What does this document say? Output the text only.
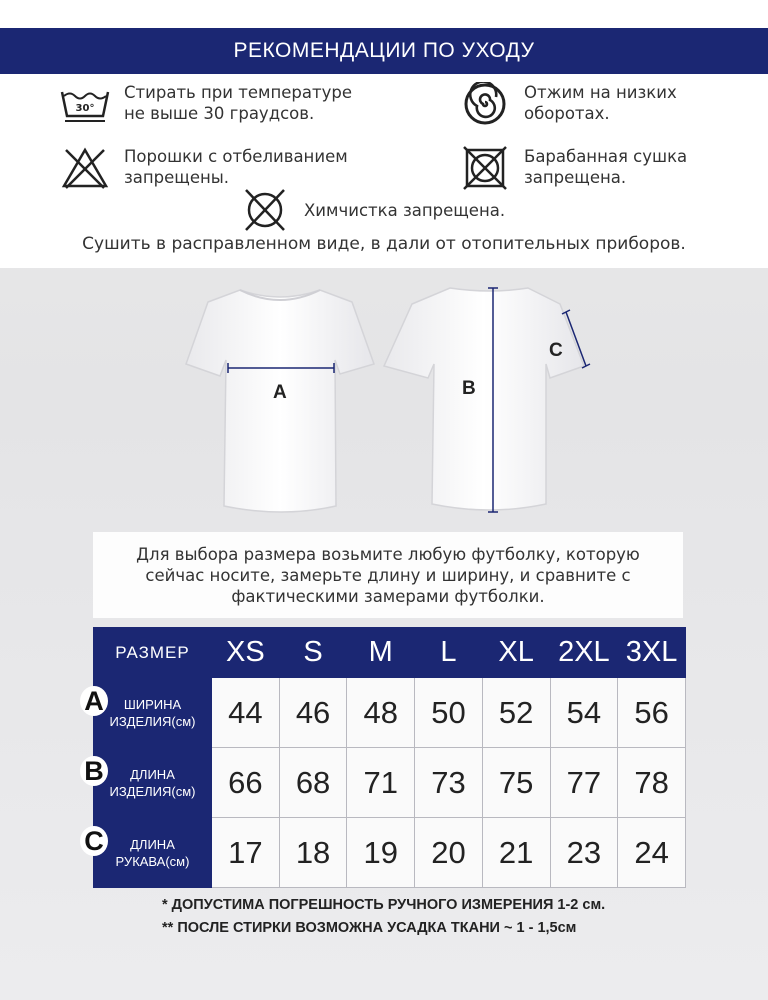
РЕКОМЕНДАЦИИ ПО УХОДУ
30°
Стирать при температуре
не выше 30 граудсов.
Отжим на низких
оборотах.
Порошки с отбеливанием
запрещены.
Барабанная сушка
запрещена.
Химчистка запрещена.
Сушить в расправленном виде, в дали от отопительных приборов.
A	B
C
Для выбора размера возьмите любую футболку, которую
сейчас носите, замерьте длину и ширину, и сравните с
фактическими замерами футболки.
РАЗМЕР	XS	S	M	L	XL	2XL	3XL
ШИРИНА
ИЗДЕЛИЯ(см)	44	46	48	50	52	54	56
ДЛИНА
ИЗДЕЛИЯ(см)	66	68	71	73	75	77	78
ДЛИНА
РУКАВА(см)	17	18	19	20	21	23	24
A
B
C
* ДОПУСТИМА ПОГРЕШНОСТЬ РУЧНОГО ИЗМЕРЕНИЯ 1-2 см.
** ПОСЛЕ СТИРКИ ВОЗМОЖНА УСАДКА ТКАНИ ~ 1 - 1,5см
